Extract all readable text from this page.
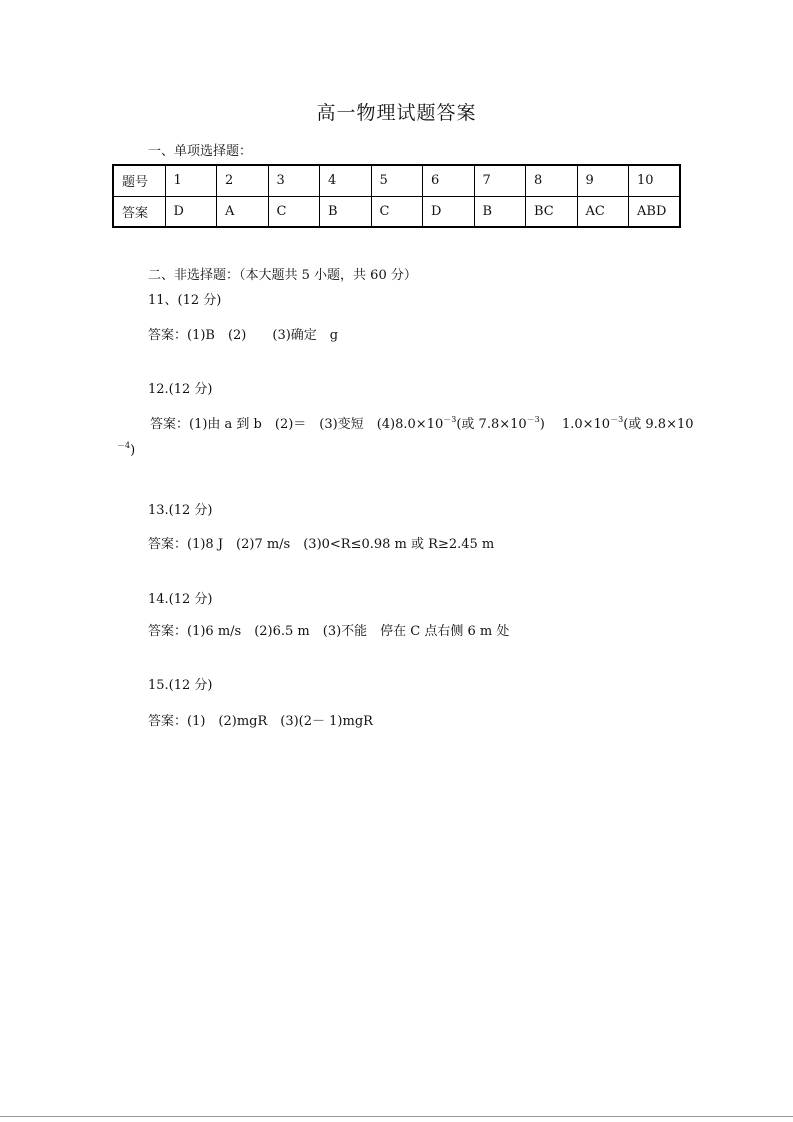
高一物理试题答案
一、单项选择题：
题号	1	2	3	4	5	6	7	8	9	10
答案	D	A	C	B	C	D	B	BC	AC	ABD
二、非选择题：（本大题共 5 小题，共 60 分）
11、(12 分)
答案：(1)B　(2)　　(3)确定　g
12.(12 分)
答案：(1)由 a 到 b　(2)＝　(3)变短　$(4)8.0\times 10^{-3}$(或 $7.8\times 10^{-3}$)　 $1.0\times 10^{-3}$(或 9.8×10
$^{-4}$)
13.(12 分)
答案：(1)8 J　(2)7 m/s　(3)0<R≤0.98 m 或 R≥2.45 m
14.(12 分)
答案：(1)6 m/s　(2)6.5 m　(3)不能　停在 C 点右侧 6 m 处
15.(12 分)
答案：(1)　(2)mgR　(3)(2－ 1)mgR
